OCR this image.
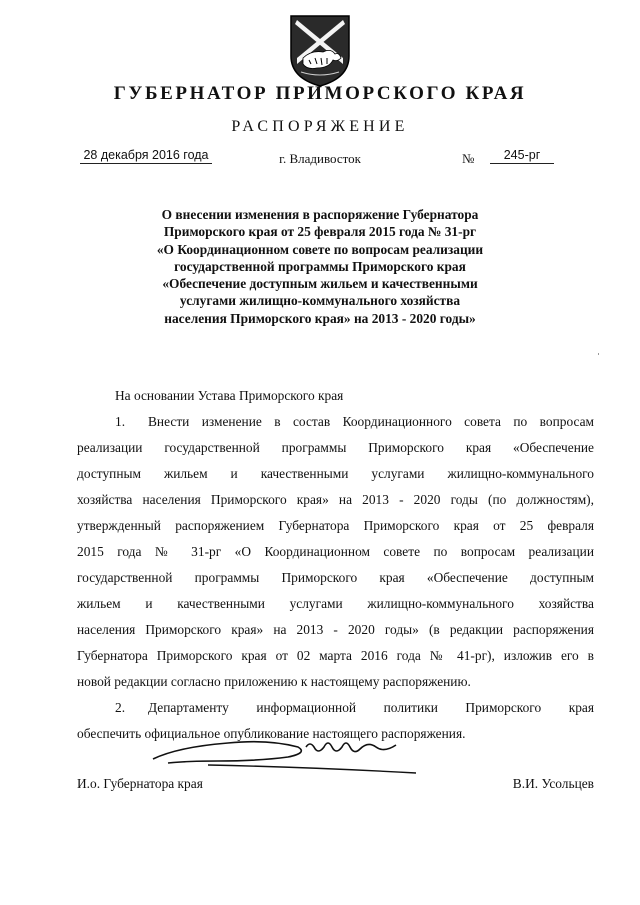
ГУБЕРНАТОР ПРИМОРСКОГО КРАЯ
РАСПОРЯЖЕНИЕ
28 декабря 2016 года	г. Владивосток	№	245-рг
О внесении изменения в распоряжение Губернатора
Приморского края от 25 февраля 2015 года № 31-рг
«О Координационном совете по вопросам реализации
государственной программы Приморского края
«Обеспечение доступным жильем и качественными
услугами жилищно-коммунального хозяйства
населения Приморского края» на 2013 - 2020 годы»
На основании Устава Приморского края
1. Внести изменение в состав Координационного совета по вопросам
реализации государственной программы Приморского края «Обеспечение
доступным жильем и качественными услугами жилищно-коммунального
хозяйства населения Приморского края» на 2013 - 2020 годы (по должностям),
утвержденный распоряжением Губернатора Приморского края от 25 февраля
2015 года № 31-рг «О Координационном совете по вопросам реализации
государственной программы Приморского края «Обеспечение доступным
жильем и качественными услугами жилищно-коммунального хозяйства
населения Приморского края» на 2013 - 2020 годы» (в редакции распоряжения
Губернатора Приморского края от 02 марта 2016 года № 41-рг), изложив его в
новой редакции согласно приложению к настоящему распоряжению.
2. Департаменту информационной политики Приморского края
обеспечить официальное опубликование настоящего распоряжения.
И.о. Губернатора края	В.И. Усольцев
